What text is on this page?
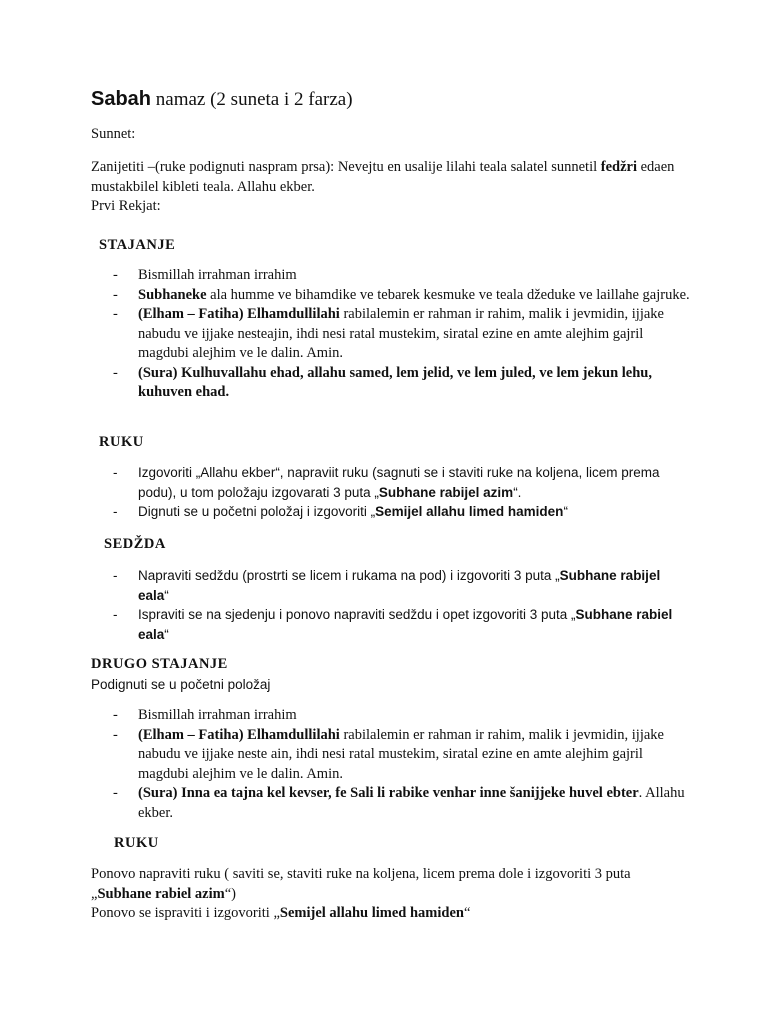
Sabah namaz (2 suneta i 2 farza)
Sunnet:
Zanijetiti –(ruke podignuti naspram prsa): Nevejtu en usalije lilahi teala salatel sunnetil fedžri edaen mustakbilel kibleti teala. Allahu ekber.
Prvi Rekjat:
STAJANJE
- Bismillah irrahman irrahim
- Subhaneke ala humme ve bihamdike ve tebarek kesmuke ve teala džeduke ve laillahe gajruke.
- (Elham – Fatiha) Elhamdullilahi rabilalemin er rahman ir rahim, malik i jevmidin, ijjake nabudu ve ijjake nesteajin, ihdi nesi ratal mustekim, siratal ezine en amte alejhim gajril magdubi alejhim ve le dalin. Amin.
- (Sura) Kulhuvallahu ehad, allahu samed, lem jelid, ve lem juled, ve lem jekun lehu, kuhuven ehad.
RUKU
- Izgovoriti „Allahu ekber“, napraviit ruku (sagnuti se i staviti ruke na koljena, licem prema podu), u tom položaju izgovarati 3 puta „Subhane rabijel azim“.
- Dignuti se u početni položaj i izgovoriti „Semijel allahu limed hamiden“
SEDŽDA
- Napraviti sedždu (prostrti se licem i rukama na pod) i izgovoriti 3 puta „Subhane rabijel eala“
- Ispraviti se na sjedenju i ponovo napraviti sedždu i opet izgovoriti 3 puta „Subhane rabiel eala“
DRUGO STAJANJE
Podignuti se u početni položaj
- Bismillah irrahman irrahim
- (Elham – Fatiha) Elhamdullilahi rabilalemin er rahman ir rahim, malik i jevmidin, ijjake nabudu ve ijjake neste ain, ihdi nesi ratal mustekim, siratal ezine en amte alejhim gajril magdubi alejhim ve le dalin. Amin.
- (Sura) Inna ea tajna kel kevser, fe Sali li rabike venhar inne šanijjeke huvel ebter. Allahu ekber.
RUKU
Ponovo napraviti ruku ( saviti se, staviti ruke na koljena, licem prema dole i izgovoriti 3 puta „Subhane rabiel azim“)
Ponovo se ispraviti i izgovoriti „Semijel allahu limed hamiden“
